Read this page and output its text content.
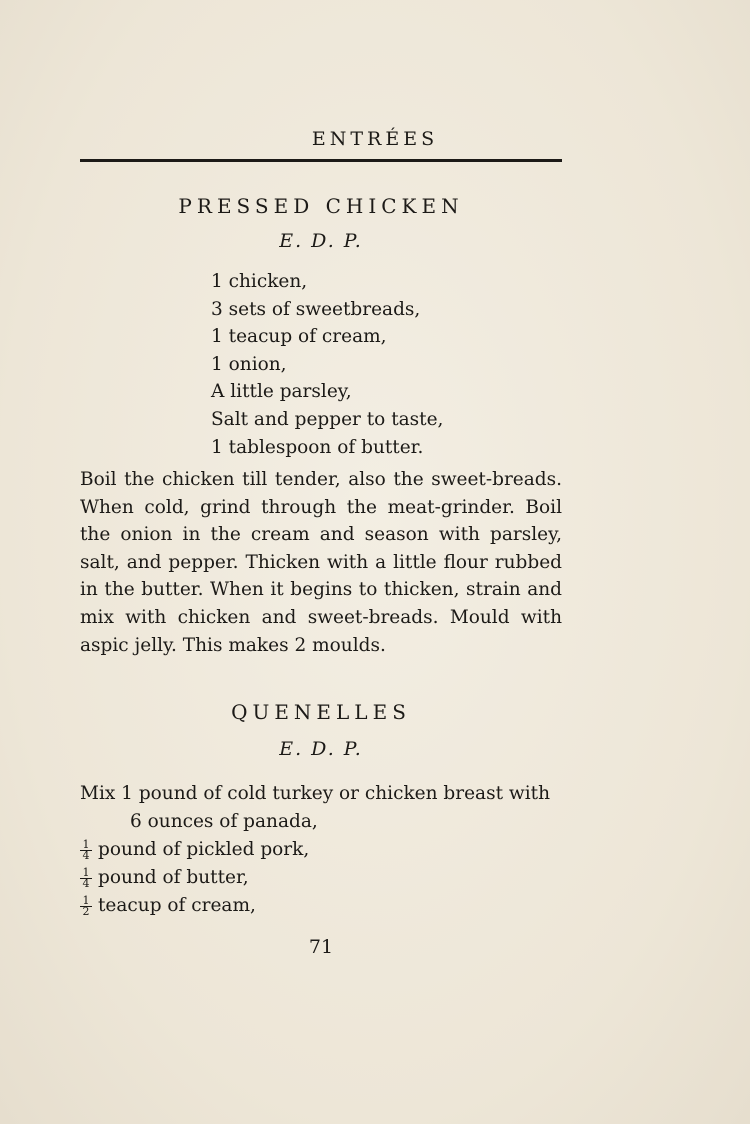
ENTRÉES
PRESSED CHICKEN
E. D. P.
1 chicken,
3 sets of sweetbreads,
1 teacup of cream,
1 onion,
A little parsley,
Salt and pepper to taste,
1 tablespoon of butter.

Boil the chicken till tender, also the sweet-breads. When cold, grind through the meat-grinder. Boil the onion in the cream and season with parsley, salt, and pepper. Thicken with a little flour rubbed in the butter. When it begins to thicken, strain and mix with chicken and sweet-breads. Mould with aspic jelly. This makes 2 moulds.

QUENELLES
E. D. P.
Mix 1 pound of cold turkey or chicken breast with
6 ounces of panada,
$\frac{1}{4}$ pound of pickled pork,
$\frac{1}{4}$ pound of butter,
$\frac{1}{2}$ teacup of cream,
71
